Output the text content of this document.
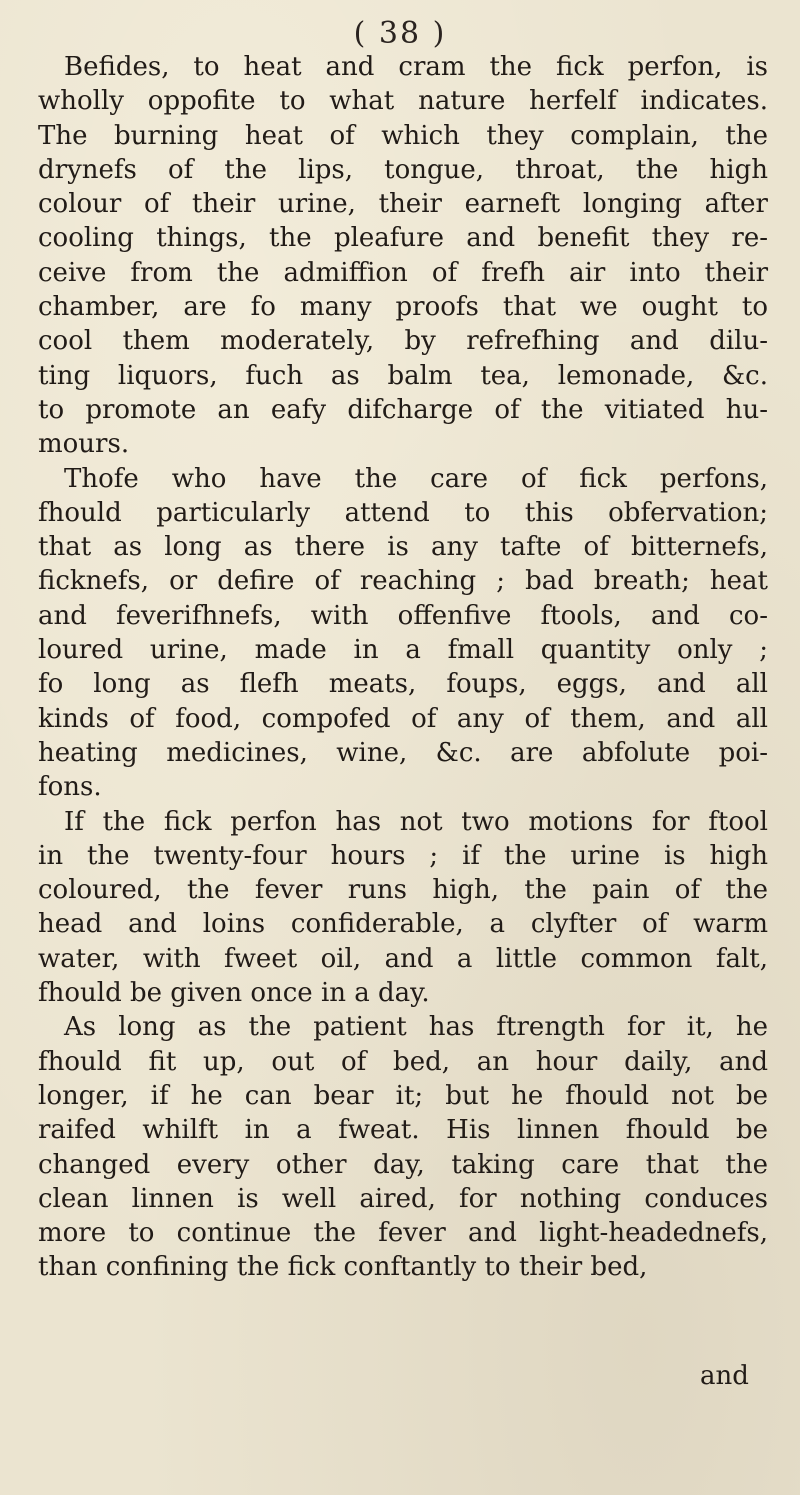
( 38 )
Befides, to heat and cram the fick perfon, is
wholly oppofite to what nature herfelf indicates.
The burning heat of which they complain, the
drynefs of the lips, tongue, throat, the high
colour of their urine, their earneft longing after
cooling things, the pleafure and benefit they re-
ceive from the admiffion of frefh air into their
chamber, are fo many proofs that we ought to
cool them moderately, by refrefhing and dilu-
ting liquors, fuch as balm tea, lemonade, &c.
to promote an eafy difcharge of the vitiated hu-
mours.
Thofe who have the care of fick perfons,
fhould particularly attend to this obfervation;
that as long as there is any tafte of bitternefs,
ficknefs, or defire of reaching ; bad breath; heat
and feverifhnefs, with offenfive ftools, and co-
loured urine, made in a fmall quantity only ;
fo long as flefh meats, foups, eggs, and all
kinds of food, compofed of any of them, and all
heating medicines, wine, &c. are abfolute poi-
fons.
If the fick perfon has not two motions for ftool
in the twenty-four hours ; if the urine is high
coloured, the fever runs high, the pain of the
head and loins confiderable, a clyfter of warm
water, with fweet oil, and a little common falt,
fhould be given once in a day.
As long as the patient has ftrength for it, he
fhould fit up, out of bed, an hour daily, and
longer, if he can bear it; but he fhould not be
raifed whilft in a fweat. His linnen fhould be
changed every other day, taking care that the
clean linnen is well aired, for nothing conduces
more to continue the fever and light-headednefs,
than confining the fick conftantly to their bed,
and
